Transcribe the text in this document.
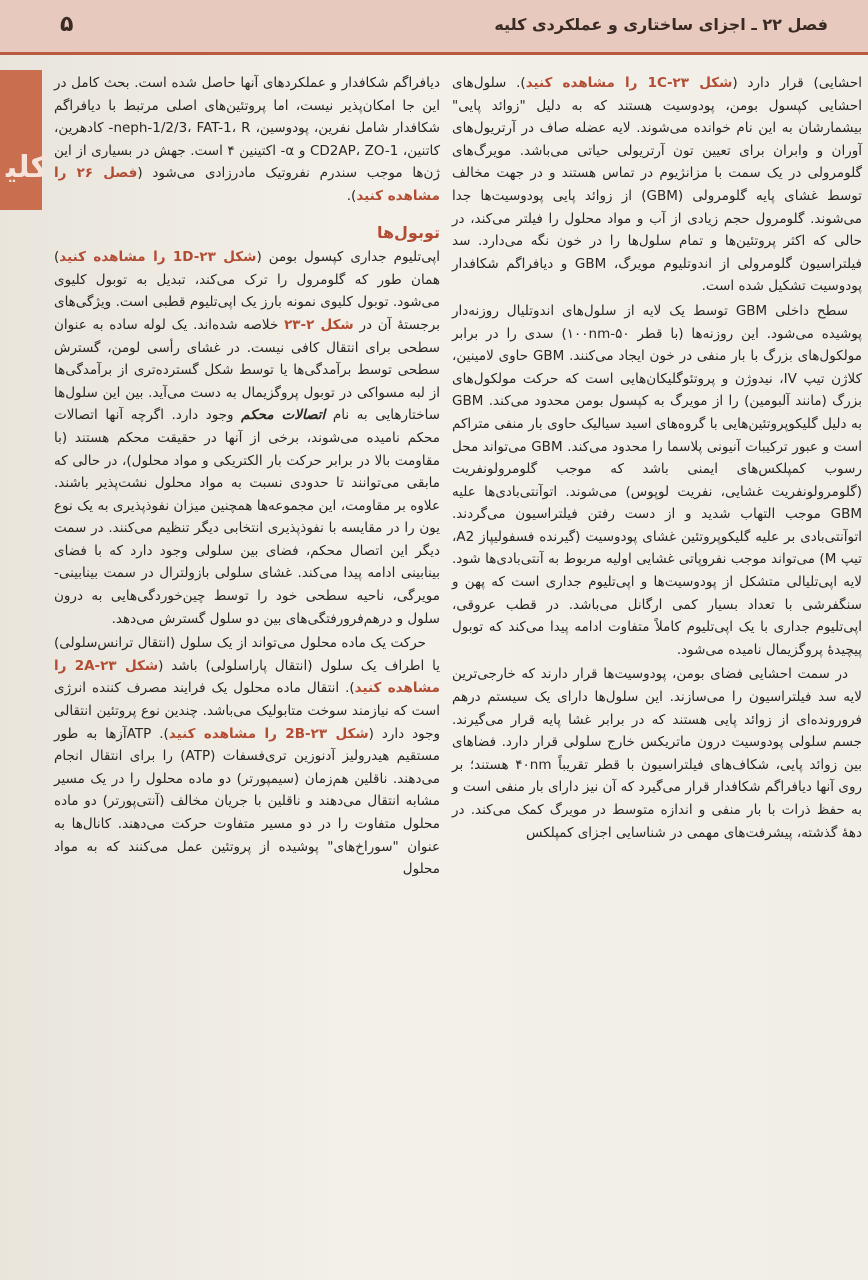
فصل ۲۲ ـ اجزای ساختاری و عملکردی کلیه
۵
ﮐﻠﯿ

احشایی) قرار دارد (شکل ۲۳-1C را مشاهده کنید). سلول‌های احشایی کپسول بومن، پودوسیت هستند که به دلیل "زوائد پایی" بیشمارشان به این نام خوانده می‌شوند. لایه عضله صاف در آرتریول‌های آوران و وابران برای تعیین تون آرتریولی حیاتی می‌باشد. مویرگ‌های گلومرولی در یک سمت با مزانژیوم در تماس هستند و در جهت مخالف توسط غشای پایه گلومرولی (GBM) از زوائد پایی پودوسیت‌ها جدا می‌شوند. گلومرول حجم زیادی از آب و مواد محلول را فیلتر می‌کند، در حالی که اکثر پروتئین‌ها و تمام سلول‌ها را در خون نگه می‌دارد. سد فیلتراسیون گلومرولی از اندوتلیوم مویرگ، GBM و دیافراگم شکافدار پودوسیت تشکیل شده است.

سطح داخلی GBM توسط یک لایه از سلول‌های اندوتلیال روزنه‌دار پوشیده می‌شود. این روزنه‌ها (با قطر ۱۰۰nm-۵۰) سدی را در برابر مولکول‌های بزرگ با بار منفی در خون ایجاد می‌کنند. GBM حاوی لامینین، کلاژن تیپ IV، نیدوژن و پروتئوگلیکان‌هایی است که حرکت مولکول‌های بزرگ (مانند آلبومین) را از مویرگ به کپسول بومن محدود می‌کند. GBM به دلیل گلیکوپروتئین‌هایی با گروه‌های اسید سیالیک حاوی بار منفی متراکم است و عبور ترکیبات آنیونی پلاسما را محدود می‌کند. GBM می‌تواند محل رسوب کمپلکس‌های ایمنی باشد که موجب گلومرولونفریت (گلومرولونفریت غشایی، نفریت لوپوس) می‌شوند. اتوآنتی‌بادی‌ها علیه GBM موجب التهاب شدید و از دست رفتن فیلتراسیون می‌گردند. اتوآنتی‌بادی بر علیه گلیکوپروتئین غشای پودوسیت (گیرنده فسفولیپاز A2، تیپ M) می‌تواند موجب نفروپاتی غشایی اولیه مربوط به آنتی‌بادی‌ها شود. لایه اپی‌تلیالی متشکل از پودوسیت‌ها و اپی‌تلیوم جداری است که پهن و سنگفرشی با تعداد بسیار کمی ارگانل می‌باشد. در قطب عروقی، اپی‌تلیوم جداری با یک اپی‌تلیوم کاملاً متفاوت ادامه پیدا می‌کند که توبول پیچیدهٔ پروگزیمال نامیده می‌شود.

در سمت احشایی فضای بومن، پودوسیت‌ها قرار دارند که خارجی‌ترین لایه سد فیلتراسیون را می‌سازند. این سلول‌ها دارای یک سیستم درهم فرورونده‌ای از زوائد پایی هستند که در برابر غشا پایه قرار می‌گیرند. جسم سلولی پودوسیت درون ماتریکس خارج سلولی قرار دارد. فضاهای بین زوائد پایی، شکاف‌های فیلتراسیون با قطر تقریباً ۴۰nm هستند؛ بر روی آنها دیافراگم شکافدار قرار می‌گیرد که آن نیز دارای بار منفی است و به حفظ ذرات با بار منفی و اندازه متوسط در مویرگ کمک می‌کند. در دههٔ گذشته، پیشرفت‌های مهمی در شناسایی اجزای کمپلکس

دیافراگم شکافدار و عملکردهای آنها حاصل شده است. بحث کامل در این جا امکان‌پذیر نیست، اما پروتئین‌های اصلی مرتبط با دیافراگم شکافدار شامل نفرین، پودوسین، neph-1/2/3، FAT-1، R- کادهرین، کاتنین، CD2AP، ZO-1 و α- اکتینین ۴ است. جهش در بسیاری از این ژن‌ها موجب سندرم نفروتیک مادرزادی می‌شود (فصل ۲۶ را مشاهده کنید).

توبول‌ها

اپی‌تلیوم جداری کپسول بومن (شکل 1D-۲۳ را مشاهده کنید) همان طور که گلومرول را ترک می‌کند، تبدیل به توبول کلیوی می‌شود. توبول کلیوی نمونه بارز یک اپی‌تلیوم قطبی است. ویژگی‌های برجستهٔ آن در شکل ۲-۲۳ خلاصه شده‌اند. یک لوله ساده به عنوان سطحی برای انتقال کافی نیست. در غشای رأسی لومن، گسترش سطحی توسط برآمدگی‌ها یا توسط شکل گسترده‌تری از برآمدگی‌ها از لبه مسواکی در توبول پروگزیمال به دست می‌آید. بین این سلول‌ها ساختارهایی به نام اتصالات محکم وجود دارد. اگرچه آنها اتصالات محکم نامیده می‌شوند، برخی از آنها در حقیقت محکم هستند (با مقاومت بالا در برابر حرکت بار الکتریکی و مواد محلول)، در حالی که مابقی می‌توانند تا حدودی نسبت به مواد محلول نشت‌پذیر باشند. علاوه بر مقاومت، این مجموعه‌ها همچنین میزان نفوذپذیری به یک نوع یون را در مقایسه با نفوذپذیری انتخابی دیگر تنظیم می‌کنند. در سمت دیگر این اتصال محکم، فضای بین سلولی وجود دارد که با فضای بینابینی ادامه پیدا می‌کند. غشای سلولی بازولترال در سمت بینابینی- مویرگی، ناحیه سطحی خود را توسط چین‌خوردگی‌هایی به درون سلول و درهم‌فرورفتگی‌های بین دو سلول گسترش می‌دهد.

حرکت یک ماده محلول می‌تواند از یک سلول (انتقال ترانس‌سلولی) یا اطراف یک سلول (انتقال پاراسلولی) باشد (شکل 2A-۲۳ را مشاهده کنید). انتقال ماده محلول یک فرایند مصرف کننده انرژی است که نیازمند سوخت متابولیک می‌باشد. چندین نوع پروتئین انتقالی وجود دارد (شکل 2B-۲۳ را مشاهده کنید). ATPآزها به طور مستقیم هیدرولیز آدنوزین تری‌فسفات (ATP) را برای انتقال انجام می‌دهند. ناقلین هم‌زمان (سیمپورتر) دو ماده محلول را در یک مسیر مشابه انتقال می‌دهند و ناقلین با جریان مخالف (آنتی‌پورتر) دو ماده محلول متفاوت را در دو مسیر متفاوت حرکت می‌دهند. کانال‌ها به عنوان "سوراخ‌های" پوشیده از پروتئین عمل می‌کنند که به مواد محلول
